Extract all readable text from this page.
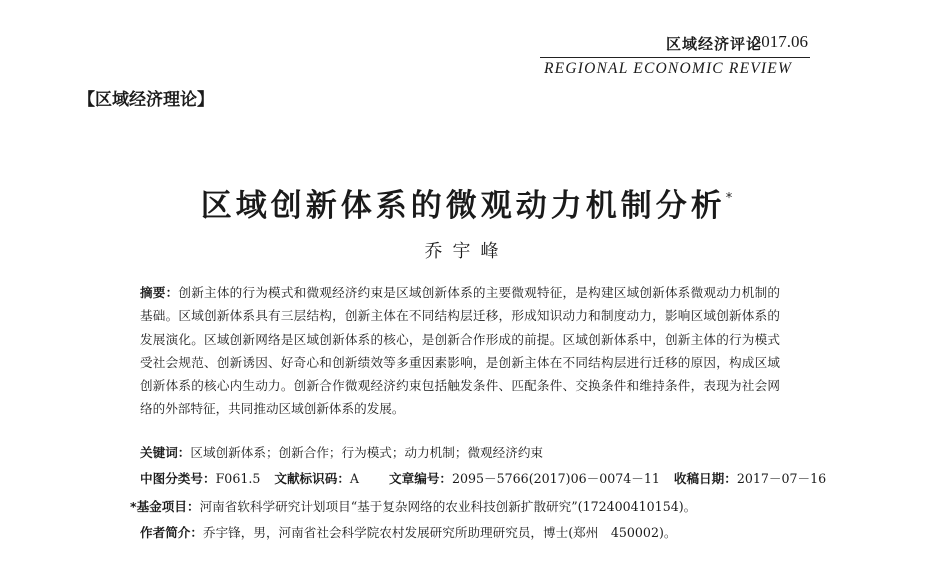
区域经济评论
2017.06
REGIONAL ECONOMIC REVIEW
【区域经济理论】
区域创新体系的微观动力机制分析*
乔宇峰
摘要：创新主体的行为模式和微观经济约束是区域创新体系的主要微观特征，是构建区域创新体系微观动力机制的基础。区域创新体系具有三层结构，创新主体在不同结构层迁移，形成知识动力和制度动力，影响区域创新体系的发展演化。区域创新网络是区域创新体系的核心，是创新合作形成的前提。区域创新体系中，创新主体的行为模式受社会规范、创新诱因、好奇心和创新绩效等多重因素影响，是创新主体在不同结构层进行迁移的原因，构成区域创新体系的核心内生动力。创新合作微观经济约束包括触发条件、匹配条件、交换条件和维持条件，表现为社会网络的外部特征，共同推动区域创新体系的发展。
关键词：区域创新体系；创新合作；行为模式；动力机制；微观经济约束
中图分类号：F061.5 文献标识码：A 文章编号：2095－5766(2017)06－0074－11 收稿日期：2017－07－16
*基金项目：河南省软科学研究计划项目“基于复杂网络的农业科技创新扩散研究”(172400410154)。
作者简介：乔宇锋，男，河南省社会科学院农村发展研究所助理研究员，博士(郑州　450002)。
